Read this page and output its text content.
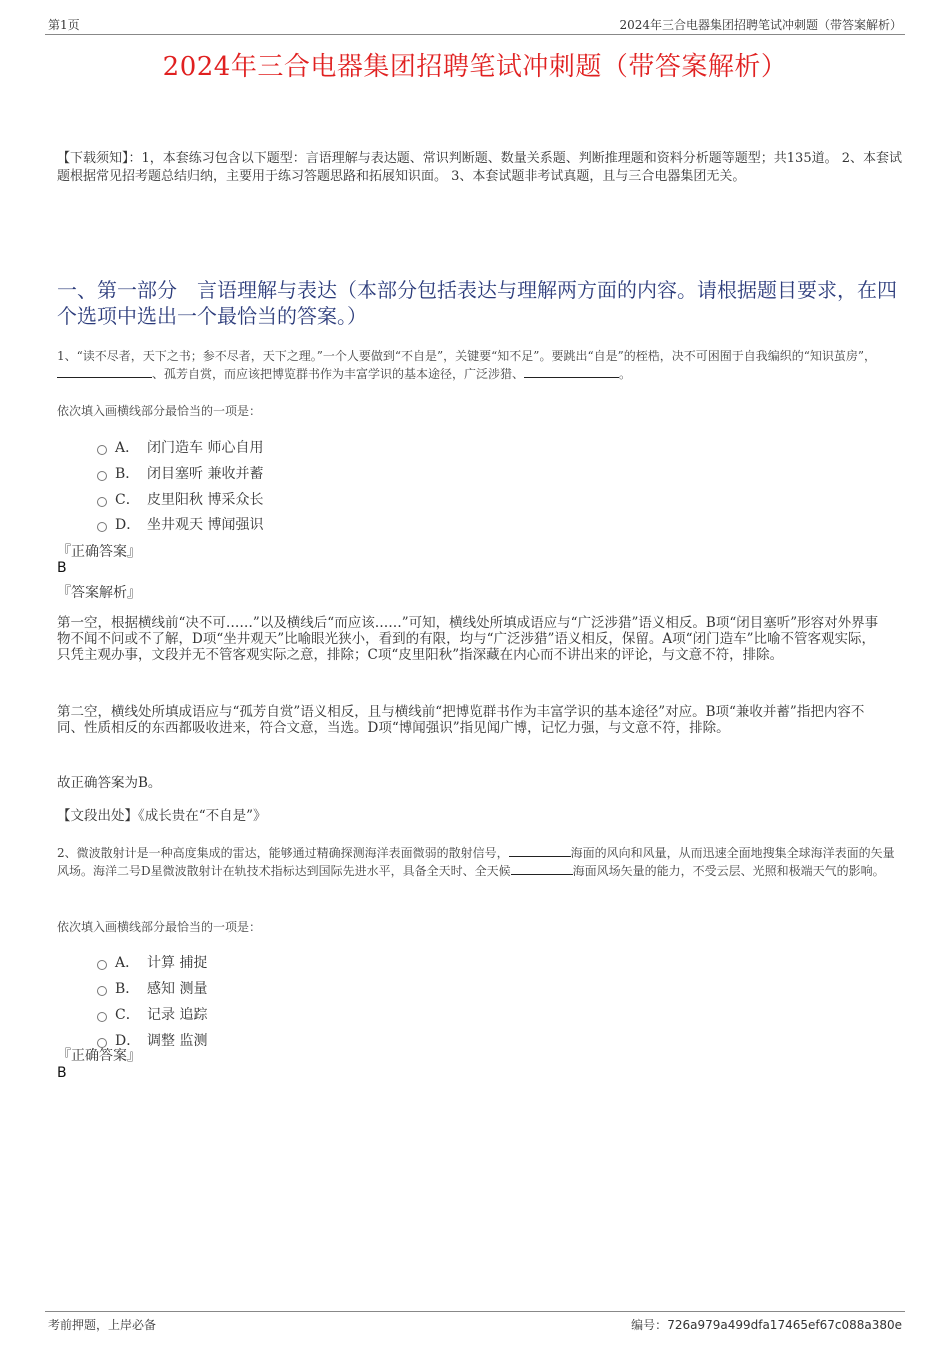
第1页	2024年三合电器集团招聘笔试冲刺题（带答案解析）
2024年三合电器集团招聘笔试冲刺题（带答案解析）
【下载须知】：1，本套练习包含以下题型：言语理解与表达题、常识判断题、数量关系题、判断推理题和资料分析题等题型；共135道。 2、本套试题根据常见招考题总结归纳，主要用于练习答题思路和拓展知识面。 3、本套试题非考试真题，且与三合电器集团无关。
一、第一部分　言语理解与表达（本部分包括表达与理解两方面的内容。请根据题目要求，在四个选项中选出一个最恰当的答案。）
1、“读不尽者，天下之书；参不尽者，天下之理。”一个人要做到“不自是”，关键要“知不足”。要跳出“自是”的桎梏，决不可困囿于自我编织的“知识茧房”，、孤芳自赏，而应该把博览群书作为丰富学识的基本途径，广泛涉猎、	。
依次填入画横线部分最恰当的一项是：
A． 闭门造车 师心自用
B． 闭目塞听 兼收并蓄
C． 皮里阳秋 博采众长
D． 坐井观天 博闻强识
『正确答案』
B
『答案解析』
第一空，根据横线前“决不可……”以及横线后“而应该……”可知，横线处所填成语应与“广泛涉猎”语义相反。B项“闭目塞听”形容对外界事物不闻不问或不了解，D项“坐井观天”比喻眼光狭小，看到的有限，均与“广泛涉猎”语义相反，保留。A项“闭门造车”比喻不管客观实际，只凭主观办事，文段并无不管客观实际之意，排除；C项“皮里阳秋”指深藏在内心而不讲出来的评论，与文意不符，排除。
第二空，横线处所填成语应与“孤芳自赏”语义相反，且与横线前“把博览群书作为丰富学识的基本途径”对应。B项“兼收并蓄”指把内容不同、性质相反的东西都吸收进来，符合文意，当选。D项“博闻强识”指见闻广博，记忆力强，与文意不符，排除。
故正确答案为B。
【文段出处】《成长贵在“不自是”》
2、微波散射计是一种高度集成的雷达，能够通过精确探测海洋表面微弱的散射信号，	海面的风向和风量，从而迅速全面地搜集全球海洋表面的矢量风场。海洋二号D星微波散射计在轨技术指标达到国际先进水平，具备全天时、全天候	海面风场矢量的能力，不受云层、光照和极端天气的影响。
依次填入画横线部分最恰当的一项是：
A． 计算 捕捉
B． 感知 测量
C． 记录 追踪
D． 调整 监测
『正确答案』
B
考前押题，上岸必备	编号：726a979a499dfa17465ef67c088a380e
